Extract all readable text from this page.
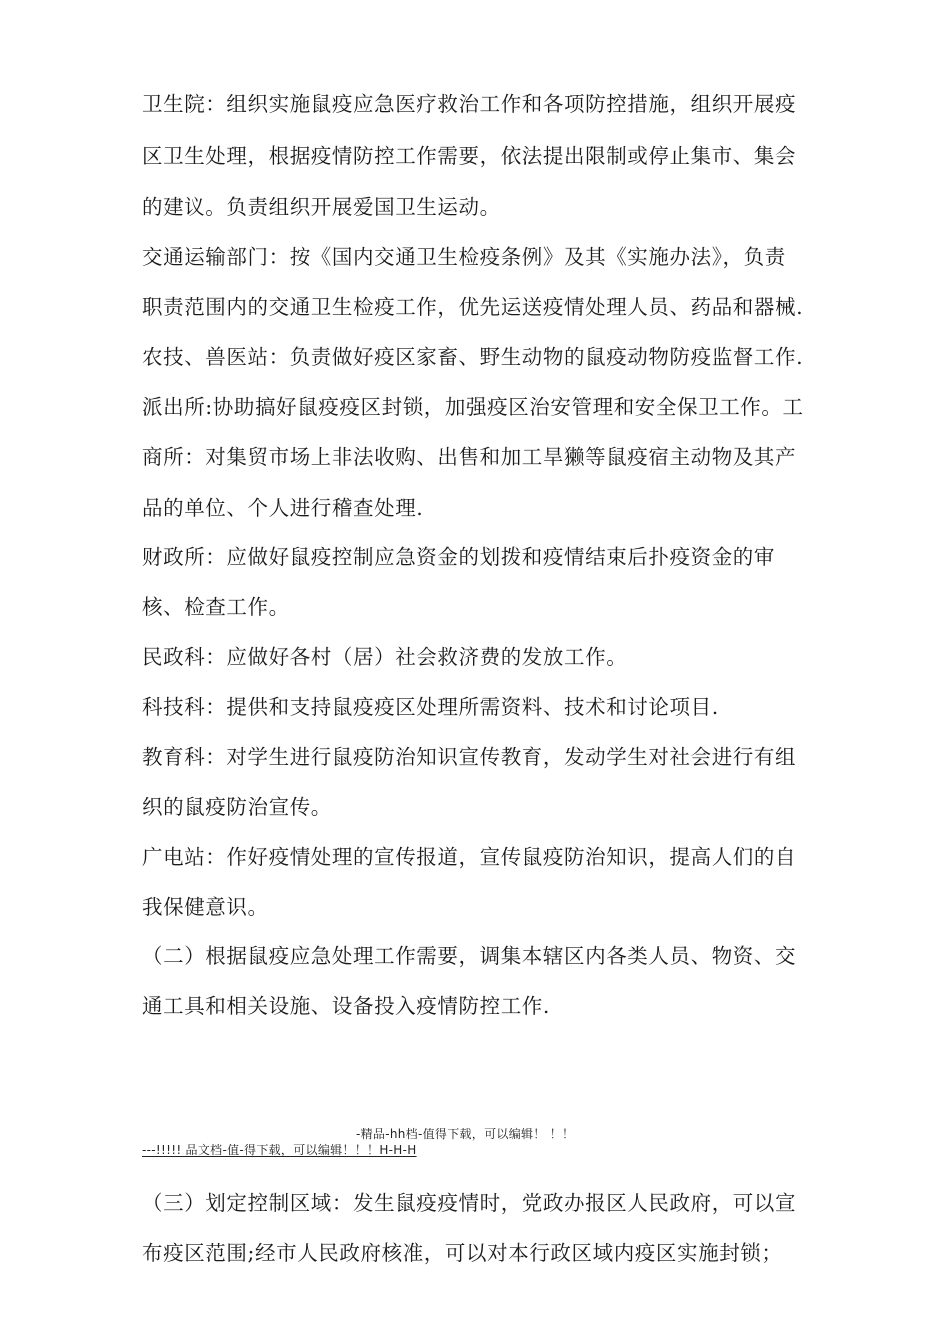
卫生院：组织实施鼠疫应急医疗救治工作和各项防控措施，组织开展疫
区卫生处理，根据疫情防控工作需要，依法提出限制或停止集市、集会
的建议。负责组织开展爱国卫生运动。
交通运输部门：按《国内交通卫生检疫条例》及其《实施办法》，负责
职责范围内的交通卫生检疫工作，优先运送疫情处理人员、药品和器械.
农技、兽医站：负责做好疫区家畜、野生动物的鼠疫动物防疫监督工作.
派出所:协助搞好鼠疫疫区封锁，加强疫区治安管理和安全保卫工作。工
商所：对集贸市场上非法收购、出售和加工旱獭等鼠疫宿主动物及其产
品的单位、个人进行稽查处理.
财政所：应做好鼠疫控制应急资金的划拨和疫情结束后扑疫资金的审
核、检查工作。
民政科：应做好各村（居）社会救济费的发放工作。
科技科：提供和支持鼠疫疫区处理所需资料、技术和讨论项目.
教育科：对学生进行鼠疫防治知识宣传教育，发动学生对社会进行有组
织的鼠疫防治宣传。
广电站：作好疫情处理的宣传报道，宣传鼠疫防治知识，提高人们的自
我保健意识。
（二）根据鼠疫应急处理工作需要，调集本辖区内各类人员、物资、交
通工具和相关设施、设备投入疫情防控工作.
-精品-hh档-值得下载，可以编辑！ ！！
---!!!!! 品文档-值-得下载，可以编辑！！！H-H-H
（三）划定控制区域：发生鼠疫疫情时，党政办报区人民政府，可以宣
布疫区范围;经市人民政府核准，可以对本行政区域内疫区实施封锁；
